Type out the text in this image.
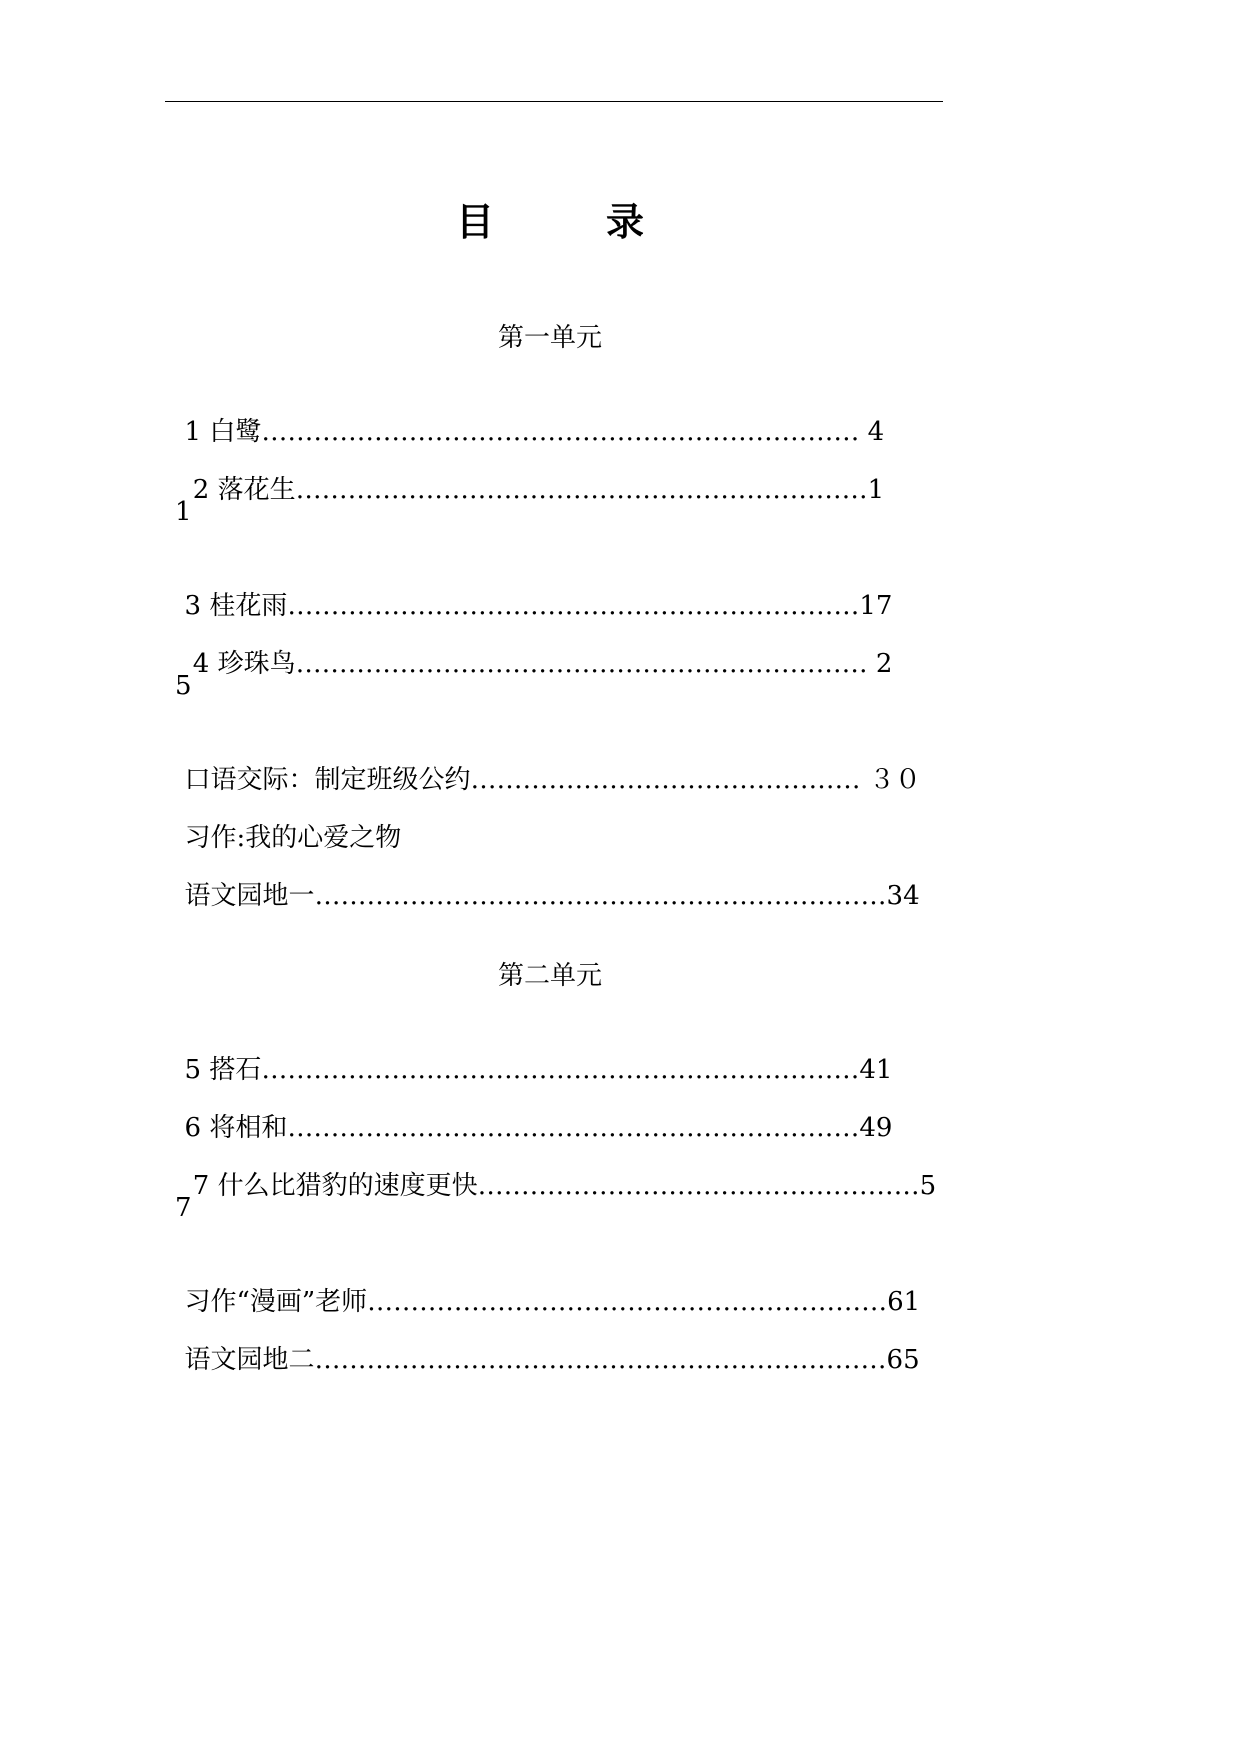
目 录
第一单元

1 白鹭…………………………………………………………… 4

2 落花生…………………………………………………………1

1

3 桂花雨…………………………………………………………17

4 珍珠鸟………………………………………………………… 2

5

口语交际：制定班级公约……………………………………… ３０

习作:我的心爱之物

语文园地一…………………………………………………………34

第二单元

5 搭石……………………………………………………………41

6 将相和…………………………………………………………49

7 什么比猎豹的速度更快……………………………………………5

7

习作“漫画”老师……………………………………………………61

语文园地二…………………………………………………………65
